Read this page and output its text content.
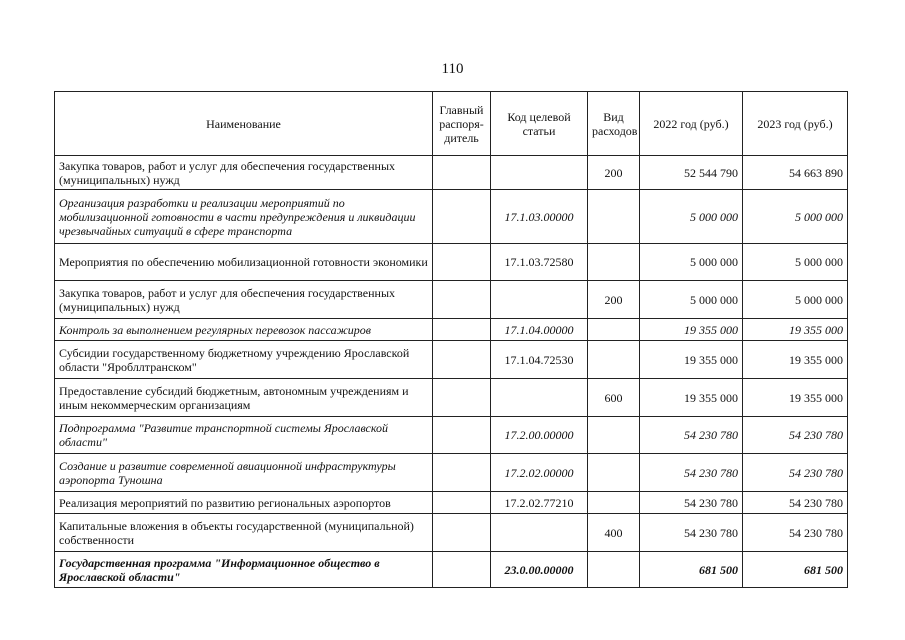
110
Наименование	Главный распоря-дитель	Код целевой статьи	Вид расходов	2022 год (руб.)	2023 год (руб.)
Закупка товаров, работ и услуг для обеспечения государственных (муниципальных) нужд			200	52 544 790	54 663 890
Организация разработки и реализации мероприятий по мобилизационной готовности в части предупреждения и ликвидации чрезвычайных ситуаций в сфере транспорта		17.1.03.00000		5 000 000	5 000 000
Мероприятия по обеспечению мобилизационной готовности экономики		17.1.03.72580		5 000 000	5 000 000
Закупка товаров, работ и услуг для обеспечения государственных (муниципальных) нужд			200	5 000 000	5 000 000
Контроль за выполнением регулярных перевозок пассажиров		17.1.04.00000		19 355 000	19 355 000
Субсидии государственному бюджетному учреждению Ярославской области "Яробллтранском"		17.1.04.72530		19 355 000	19 355 000
Предоставление субсидий бюджетным, автономным учреждениям и иным некоммерческим организациям			600	19 355 000	19 355 000
Подпрограмма "Развитие транспортной системы Ярославской области"		17.2.00.00000		54 230 780	54 230 780
Создание и развитие современной авиационной инфраструктуры аэропорта Туношна		17.2.02.00000		54 230 780	54 230 780
Реализация мероприятий по развитию региональных аэропортов		17.2.02.77210		54 230 780	54 230 780
Капитальные вложения в объекты государственной (муниципальной) собственности			400	54 230 780	54 230 780
Государственная программа "Информационное общество в Ярославской области"		23.0.00.00000		681 500	681 500
